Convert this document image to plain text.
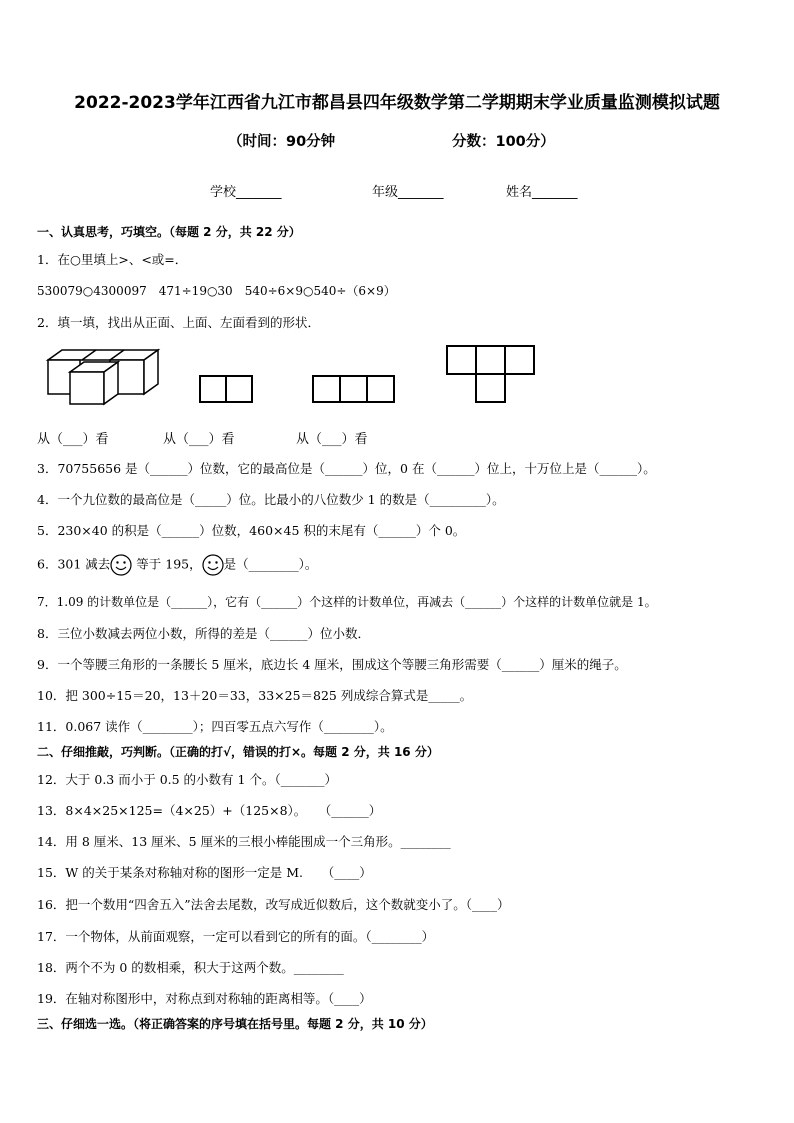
2022-2023学年江西省九江市都昌县四年级数学第二学期期末学业质量监测模拟试题
（时间：90分钟	分数：100分）
学校_______	年级_______	姓名_______
一、认真思考，巧填空。（每题 2 分，共 22 分）
1．在○里填上>、<或=．
530079○4300097　471÷19○30　540÷6×9○540÷（6×9）
2．填一填，找出从正面、上面、左面看到的形状．
从（___）看	从（___）看	从（___）看
3．70755656 是（______）位数，它的最高位是（______）位，0 在（______）位上，十万位上是（______）。
4．一个九位数的最高位是（_____）位。比最小的八位数少 1 的数是（_________）。
5．230×40 的积是（______）位数，460×45 积的末尾有（______）个 0。
6．301 减去 等于 195， 是（________）。
7．1.09 的计数单位是（______），它有（______）个这样的计数单位，再减去（______）个这样的计数单位就是 1。
8．三位小数减去两位小数，所得的差是（______）位小数．
9．一个等腰三角形的一条腰长 5 厘米，底边长 4 厘米，围成这个等腰三角形需要（______）厘米的绳子。
10．把 300÷15＝20，13＋20＝33，33×25＝825 列成综合算式是_____。
11．0.067 读作（________）；四百零五点六写作（________）。
二、仔细推敲，巧判断。（正确的打√，错误的打×。每题 2 分，共 16 分）
12．大于 0.3 而小于 0.5 的小数有 1 个。（_______）
13．8×4×25×125=（4×25）+（125×8）。　　（______）
14．用 8 厘米、13 厘米、5 厘米的三根小棒能围成一个三角形。________
15．W 的关于某条对称轴对称的图形一定是 M.　　（____）
16．把一个数用“四舍五入”法舍去尾数，改写成近似数后，这个数就变小了。（____）
17．一个物体，从前面观察，一定可以看到它的所有的面。（________）
18．两个不为 0 的数相乘，积大于这两个数。________
19．在轴对称图形中，对称点到对称轴的距离相等。（____）
三、仔细选一选。（将正确答案的序号填在括号里。每题 2 分，共 10 分）
